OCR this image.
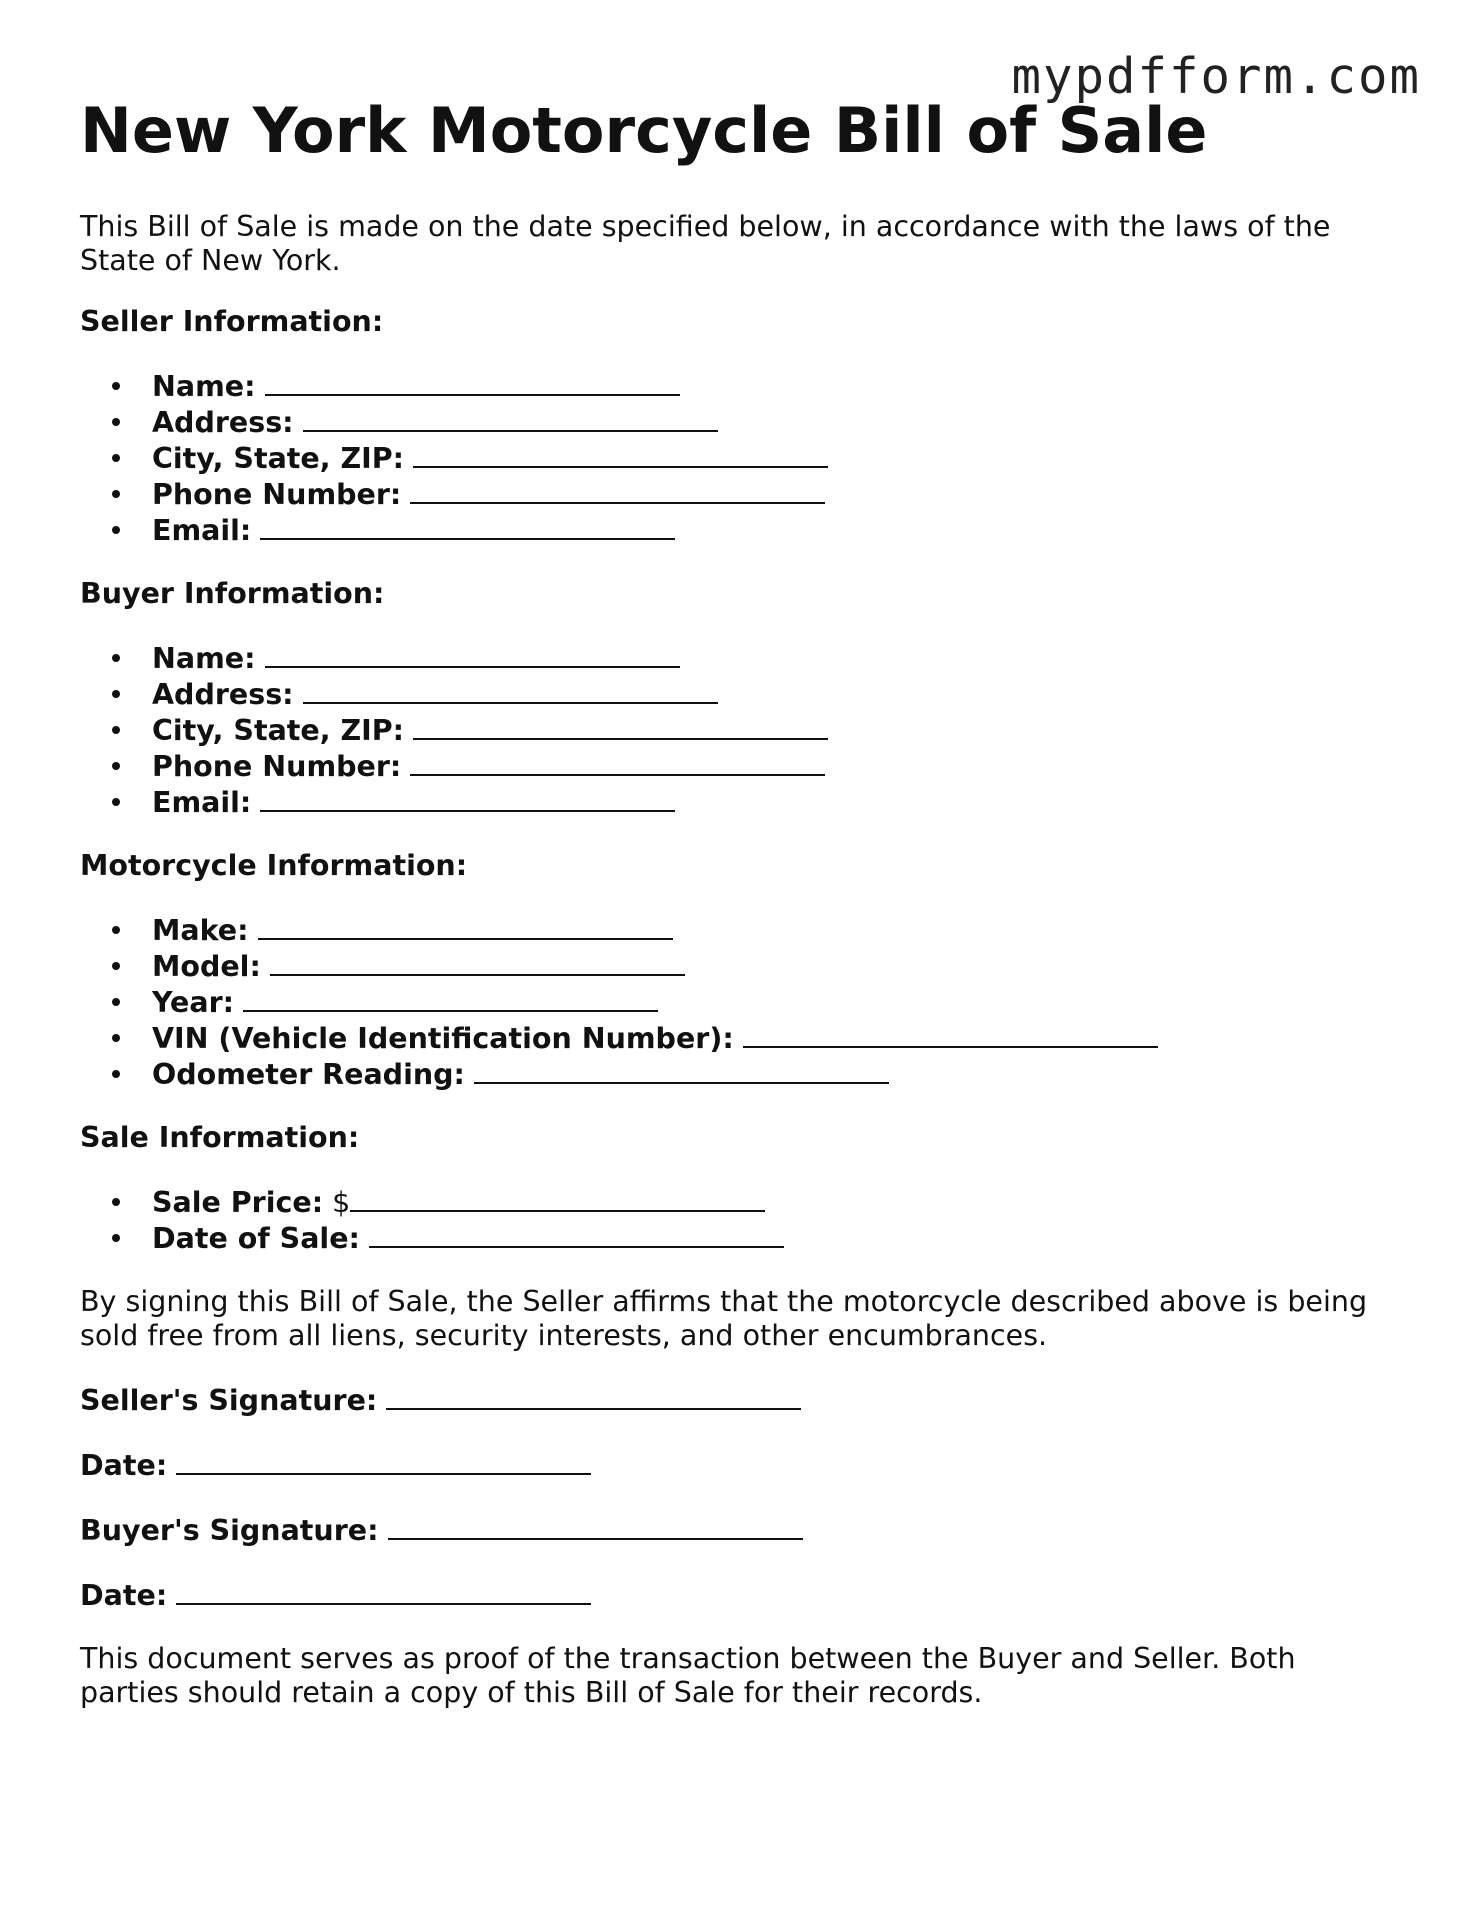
mypdfform.com
New York Motorcycle Bill of Sale

This Bill of Sale is made on the date specified below, in accordance with the laws of the State of New York.

Seller Information:
Name:
Address:
City, State, ZIP:
Phone Number:
Email:
Buyer Information:
Name:
Address:
City, State, ZIP:
Phone Number:
Email:
Motorcycle Information:
Make:
Model:
Year:
VIN (Vehicle Identification Number):
Odometer Reading:
Sale Information:
Sale Price: $
Date of Sale:

By signing this Bill of Sale, the Seller affirms that the motorcycle described above is being sold free from all liens, security interests, and other encumbrances.

Seller's Signature:
Date:
Buyer's Signature:
Date:

This document serves as proof of the transaction between the Buyer and Seller. Both parties should retain a copy of this Bill of Sale for their records.
